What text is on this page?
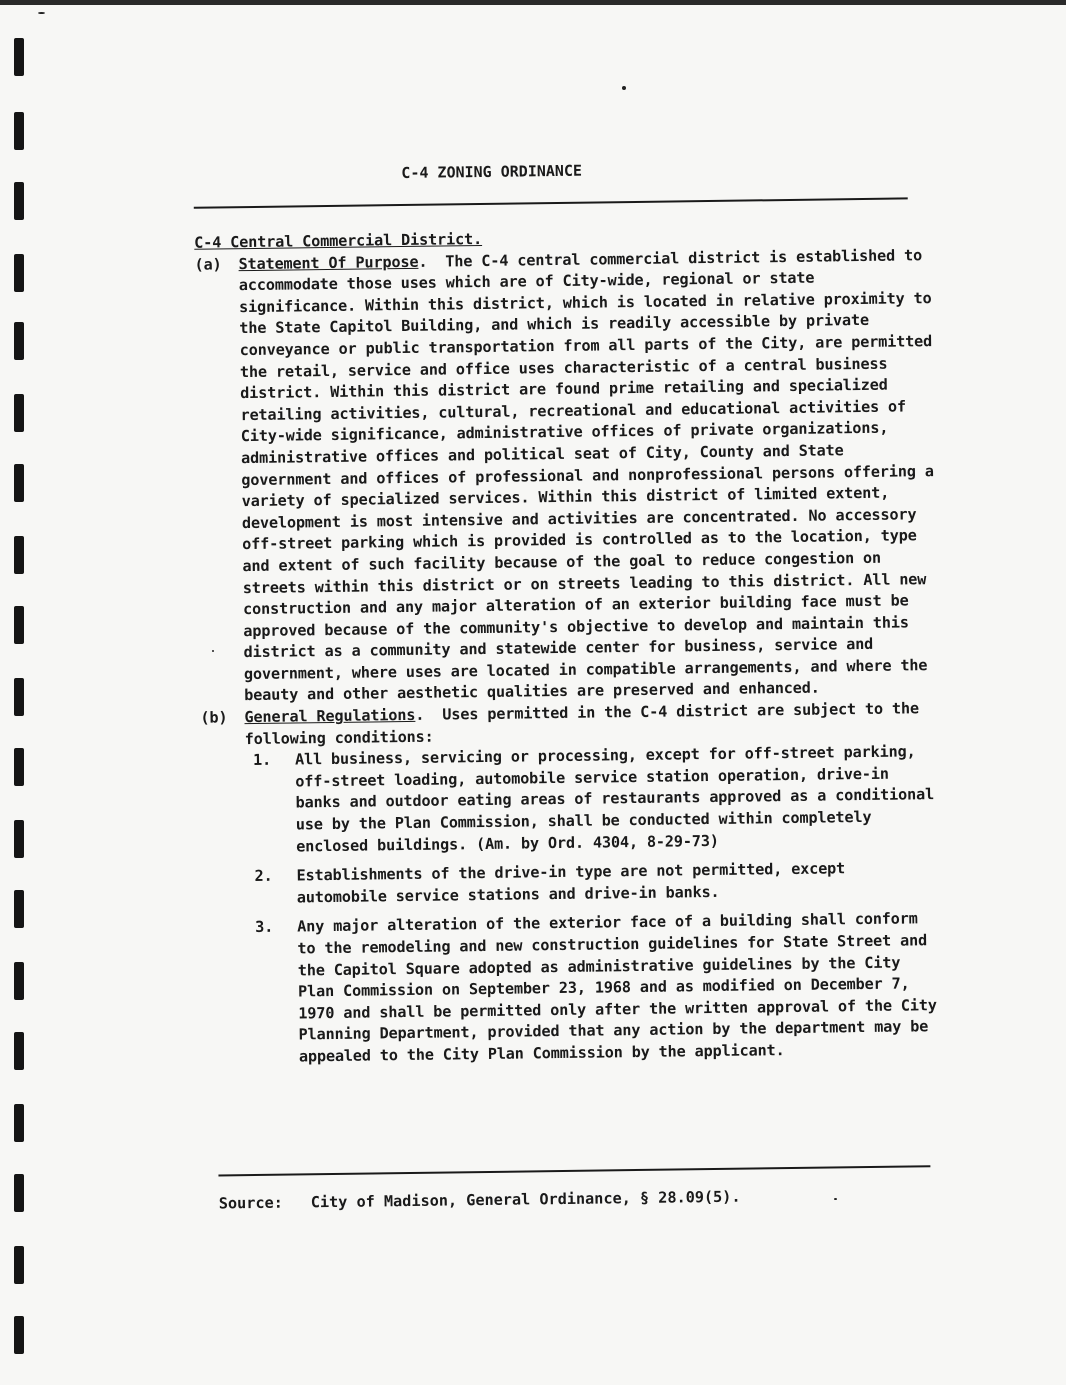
C-4 ZONING ORDINANCE
C-4 Central Commercial District.
(a)	Statement Of Purpose.  The C-4 central commercial district is established to accommodate those uses which are of City-wide, regional or state significance. Within this district, which is located in relative proximity to the State Capitol Building, and which is readily accessible by private conveyance or public transportation from all parts of the City, are permitted the retail, service and office uses characteristic of a central business district. Within this district are found prime retailing and specialized retailing activities, cultural, recreational and educational activities of City-wide significance, administrative offices of private organizations, administrative offices and political seat of City, County and State government and offices of professional and nonprofessional persons offering a variety of specialized services. Within this district of limited extent, development is most intensive and activities are concentrated. No accessory off-street parking which is provided is controlled as to the location, type and extent of such facility because of the goal to reduce congestion on streets within this district or on streets leading to this district. All new construction and any major alteration of an exterior building face must be approved because of the community's objective to develop and maintain this district as a community and statewide center for business, service and government, where uses are located in compatible arrangements, and where the beauty and other aesthetic qualities are preserved and enhanced.
(b)	General Regulations.  Uses permitted in the C-4 district are subject to the following conditions:
1.	All business, servicing or processing, except for off-street parking, off-street loading, automobile service station operation, drive-in banks and outdoor eating areas of restaurants approved as a conditional use by the Plan Commission, shall be conducted within completely enclosed buildings. (Am. by Ord. 4304, 8-29-73)
2.	Establishments of the drive-in type are not permitted, except automobile service stations and drive-in banks.
3.	Any major alteration of the exterior face of a building shall conform to the remodeling and new construction guidelines for State Street and the Capitol Square adopted as administrative guidelines by the City Plan Commission on September 23, 1968 and as modified on December 7, 1970 and shall be permitted only after the written approval of the City Planning Department, provided that any action by the department may be appealed to the City Plan Commission by the applicant.
Source: City of Madison, General Ordinance, § 28.09(5).
